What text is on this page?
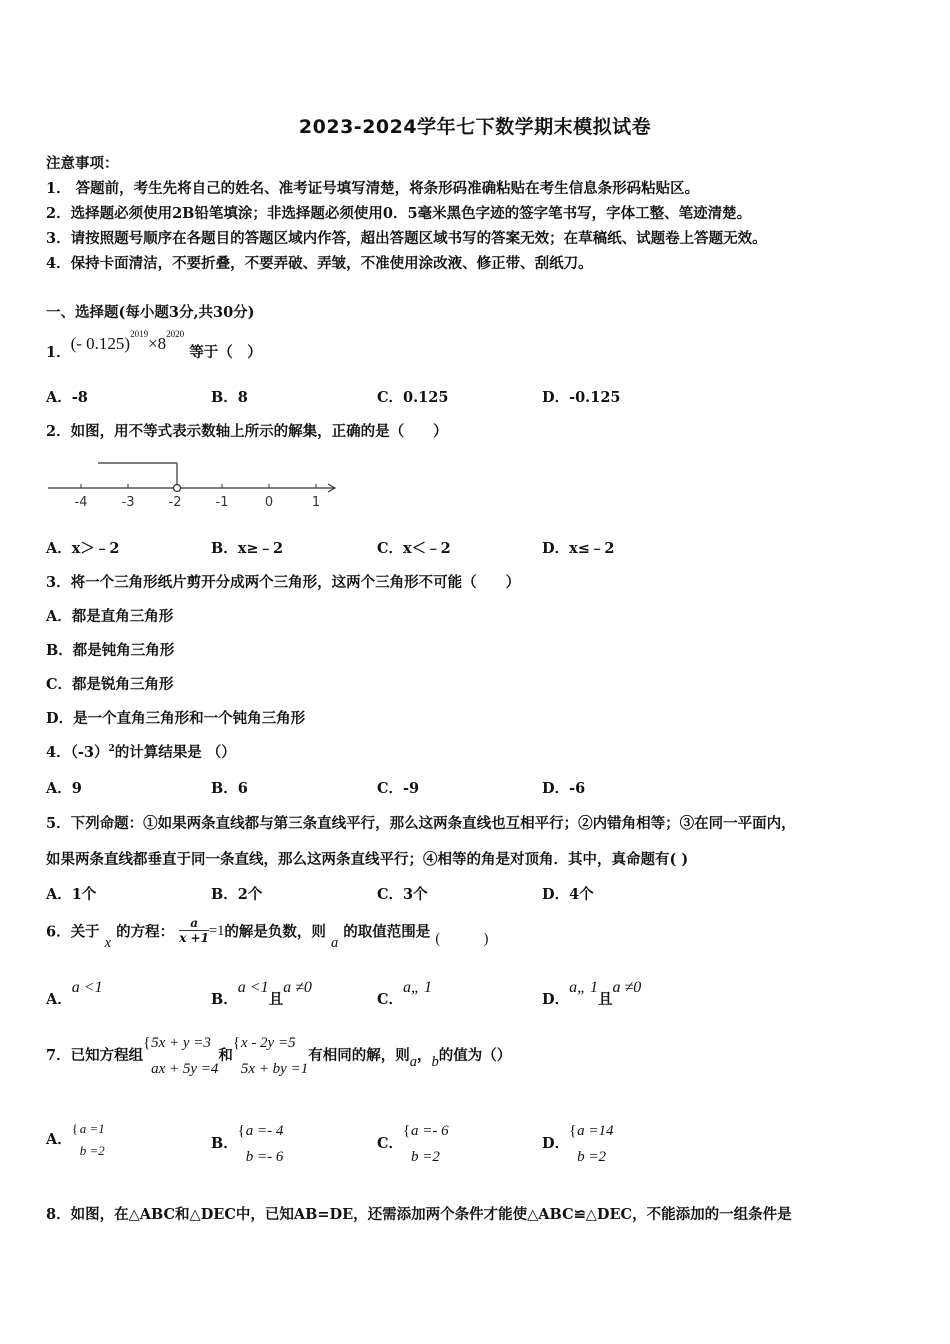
2023-2024学年七下数学期末模拟试卷
注意事项：
1． 答题前，考生先将自己的姓名、准考证号填写清楚，将条形码准确粘贴在考生信息条形码粘贴区。
2．选择题必须使用2B铅笔填涂；非选择题必须使用0．5毫米黑色字迹的签字笔书写，字体工整、笔迹清楚。
3．请按照题号顺序在各题目的答题区域内作答，超出答题区域书写的答案无效；在草稿纸、试题卷上答题无效。
4．保持卡面清洁，不要折叠，不要弄破、弄皱，不准使用涂改液、修正带、刮纸刀。
一、选择题(每小题3分,共30分)
1．(- $0.125)^{2019}\times 8^{2020}$ 等于（　）
A．-8	B．8	C．0.125	D．-0.125
2．如图，用不等式表示数轴上所示的解集，正确的是（　　）
-4	-3	-2	-1	0	1
A．x＞﹣2	B．x≥﹣2	C．x＜﹣2	D．x≤﹣2
3．将一个三角形纸片剪开分成两个三角形，这两个三角形不可能（　　）
A．都是直角三角形
B．都是钝角三角形
C．都是锐角三角形
D．是一个直角三角形和一个钝角三角形
4．$(-3)^2$的计算结果是 （）
A．9	B．6	C．-9	D．-6
5．下列命题：①如果两条直线都与第三条直线平行，那么这两条直线也互相平行；②内错角相等；③在同一平面内，
如果两条直线都垂直于同一条直线，那么这两条直线平行；④相等的角是对顶角．其中，真命题有( )
A．1个	B．2个	C．3个	D．4个
6．关于 x 的方程： $\frac{a}{x +1} =1$的解是负数，则 a 的取值范围是 (　　　)
A．a <1
B．a <1且a ≠0
C．a„ 1
D．a„ 1且a ≠0
7．已知方程组
{ 5x + y =3
ax + 5y =4
和
{ x - 2y =5
5x + by =1
有相同的解，则a，b的值为（）
A．
{ a =1
b =2	B．
{ a =- 4
b =- 6
C．
{ a =- 6
b =2
D．
{ a =14
b =2
8．如图，在△ABC和△DEC中，已知AB=DE，还需添加两个条件才能使△ABC≌△DEC，不能添加的一组条件是
